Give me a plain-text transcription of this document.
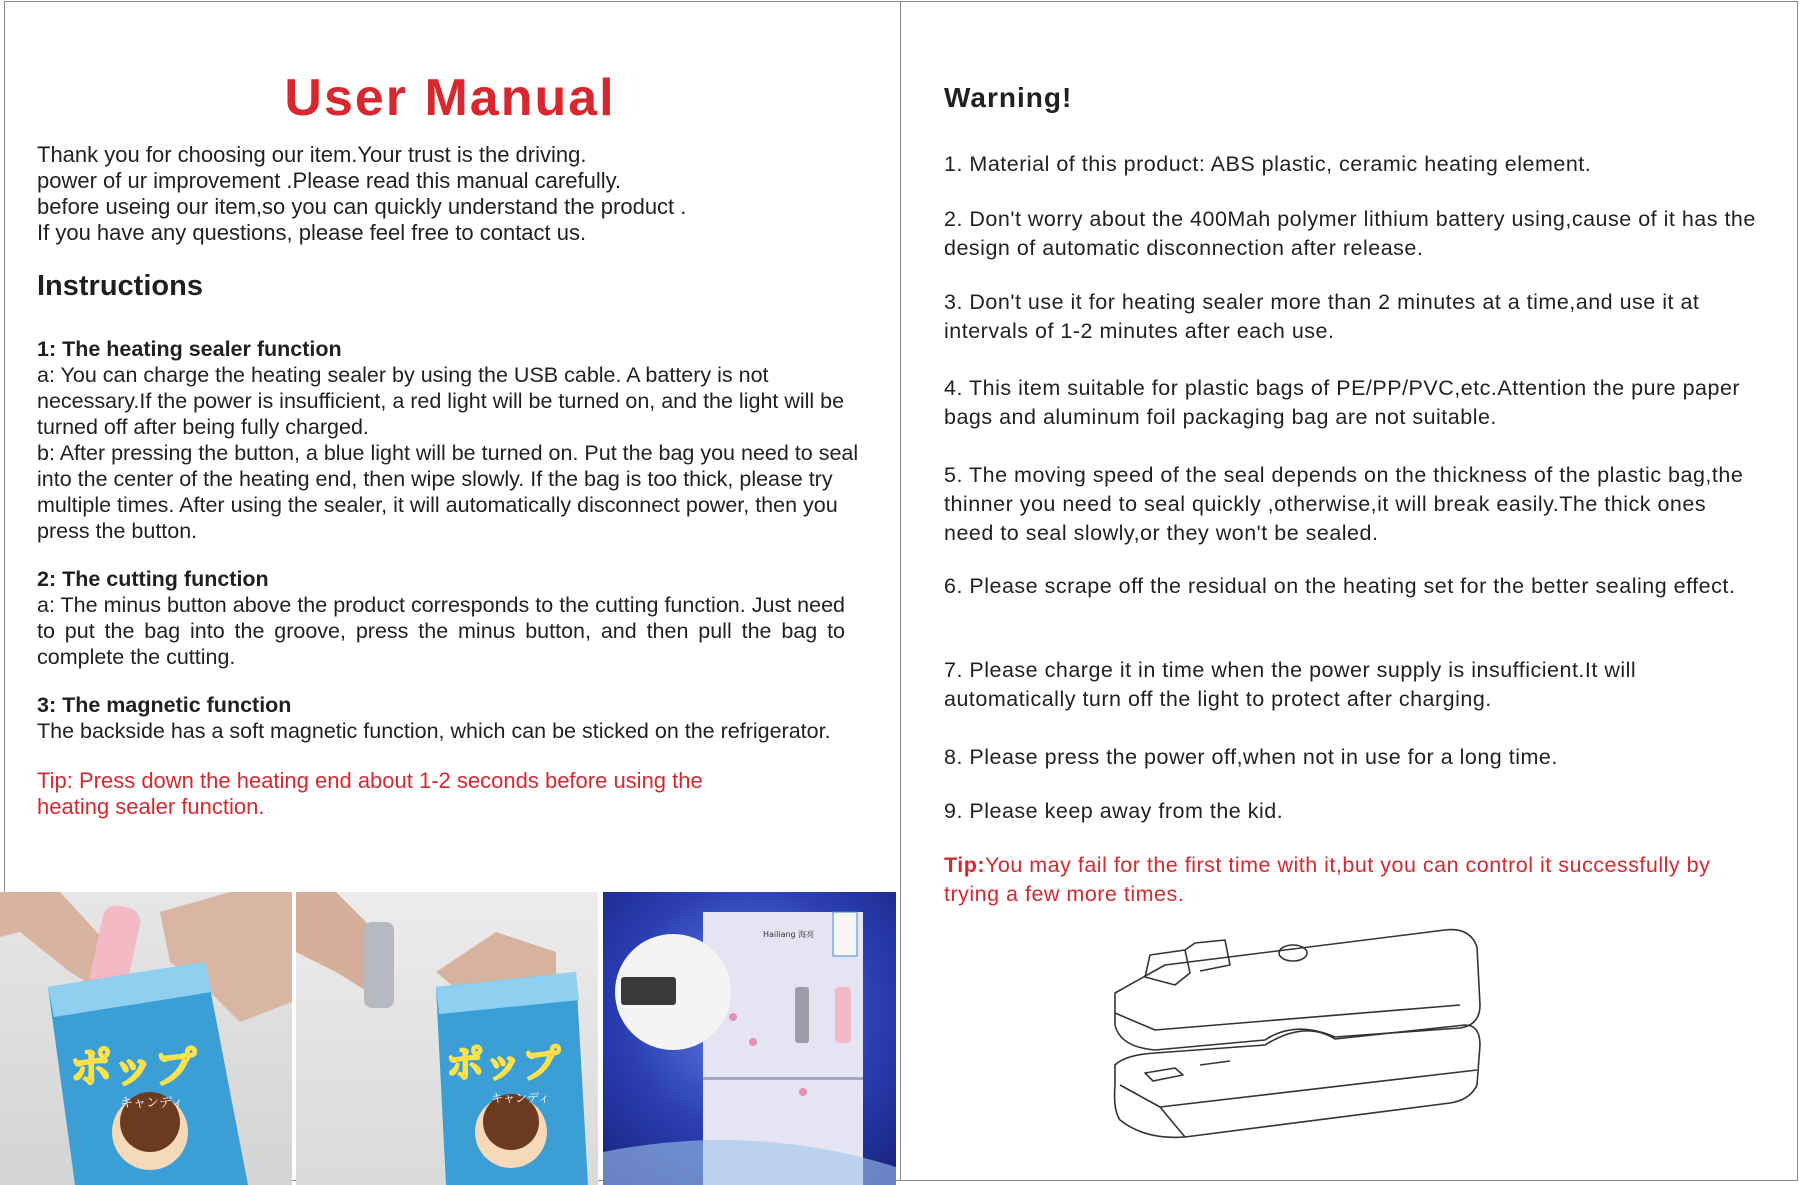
User Manual
Thank you for choosing our item.Your trust is the driving.
power of ur improvement .Please read this manual carefully.
before useing our item,so you can quickly understand the product .
If you have any questions, please feel free to contact us.
Instructions
1: The heating sealer function
a: You can charge the heating sealer by using the USB cable. A battery is not necessary.If the power is insufficient, a red light will be turned on, and the light will be turned off after being fully charged.
b: After pressing the button, a blue light will be turned on. Put the bag you need to seal into the center of the heating end, then wipe slowly. If the bag is too thick, please try multiple times. After using the sealer, it will automatically disconnect power, then you press the button.
2: The cutting function
a: The minus button above the product corresponds to the cutting function. Just need to put the bag into the groove, press the minus button, and then pull the bag to complete the cutting.
3: The magnetic function
The backside has a soft magnetic function, which can be sticked on the refrigerator.
Tip: Press down the heating end about 1-2 seconds before using the heating sealer function.
ポップ
キャンディ
ポップ
キャンディ
Hailiang 海亮
Warning!
1. Material of this product: ABS plastic, ceramic heating element.
2. Don't worry about the 400Mah polymer lithium battery using,cause of it has the design of automatic disconnection after release.
3. Don't use it for heating sealer more than 2 minutes at a time,and use it at intervals of 1-2 minutes after each use.
4. This item suitable for plastic bags of PE/PP/PVC,etc.Attention the pure paper bags and aluminum foil packaging bag are not suitable.
5. The moving speed of the seal depends on the thickness of the plastic bag,the thinner you need to seal quickly ,otherwise,it will break easily.The thick ones need to seal slowly,or they won't be sealed.
6. Please scrape off the residual on the heating set for the better sealing effect.
7. Please charge it in time when the power supply is insufficient.It will automatically turn off the light to protect after charging.
8. Please press the power off,when not in use for a long time.
9. Please keep away from the kid.
Tip:You may fail for the first time with it,but you can control it successfully by trying a few more times.
